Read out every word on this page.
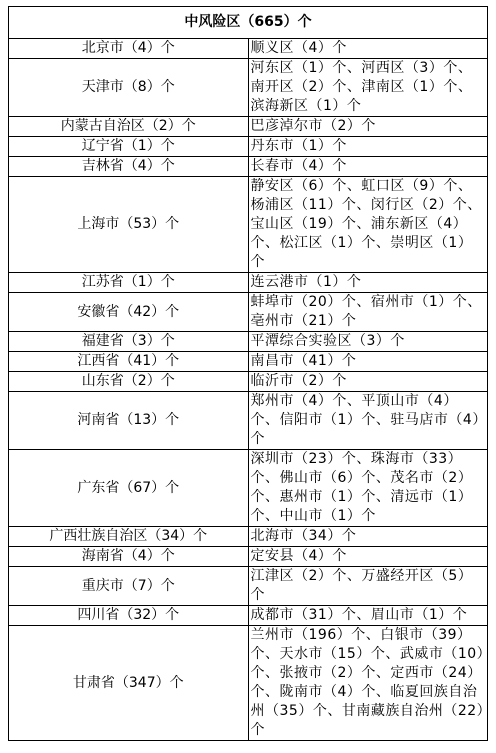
中风险区（665）个	
北京市（4）个	顺义区（4）个
天津市（8）个	河东区（1）个、河西区（3）个、南开区（2）个、津南区（1）个、滨海新区（1）个
内蒙古自治区（2）个	巴彦淖尔市（2）个
辽宁省（1）个	丹东市（1）个
吉林省（4）个	长春市（4）个
上海市（53）个	静安区（6）个、虹口区（9）个、杨浦区（11）个、闵行区（2）个、宝山区（19）个、浦东新区（4）个、松江区（1）个、崇明区（1）个
江苏省（1）个	连云港市（1）个
安徽省（42）个	蚌埠市（20）个、宿州市（1）个、亳州市（21）个
福建省（3）个	平潭综合实验区（3）个
江西省（41）个	南昌市（41）个
山东省（2）个	临沂市（2）个
河南省（13）个	郑州市（4）个、平顶山市（4）个、信阳市（1）个、驻马店市（4）个
广东省（67）个	深圳市（23）个、珠海市（33）个、佛山市（6）个、茂名市（2）个、惠州市（1）个、清远市（1）个、中山市（1）个
广西壮族自治区（34）个	北海市（34）个
海南省（4）个	定安县（4）个
重庆市（7）个	江津区（2）个、万盛经开区（5）个
四川省（32）个	成都市（31）个、眉山市（1）个
甘肃省（347）个	兰州市（196）个、白银市（39）个、天水市（15）个、武威市（10）个、张掖市（2）个、定西市（24）个、陇南市（4）个、临夏回族自治州（35）个、甘南藏族自治州（22）个
